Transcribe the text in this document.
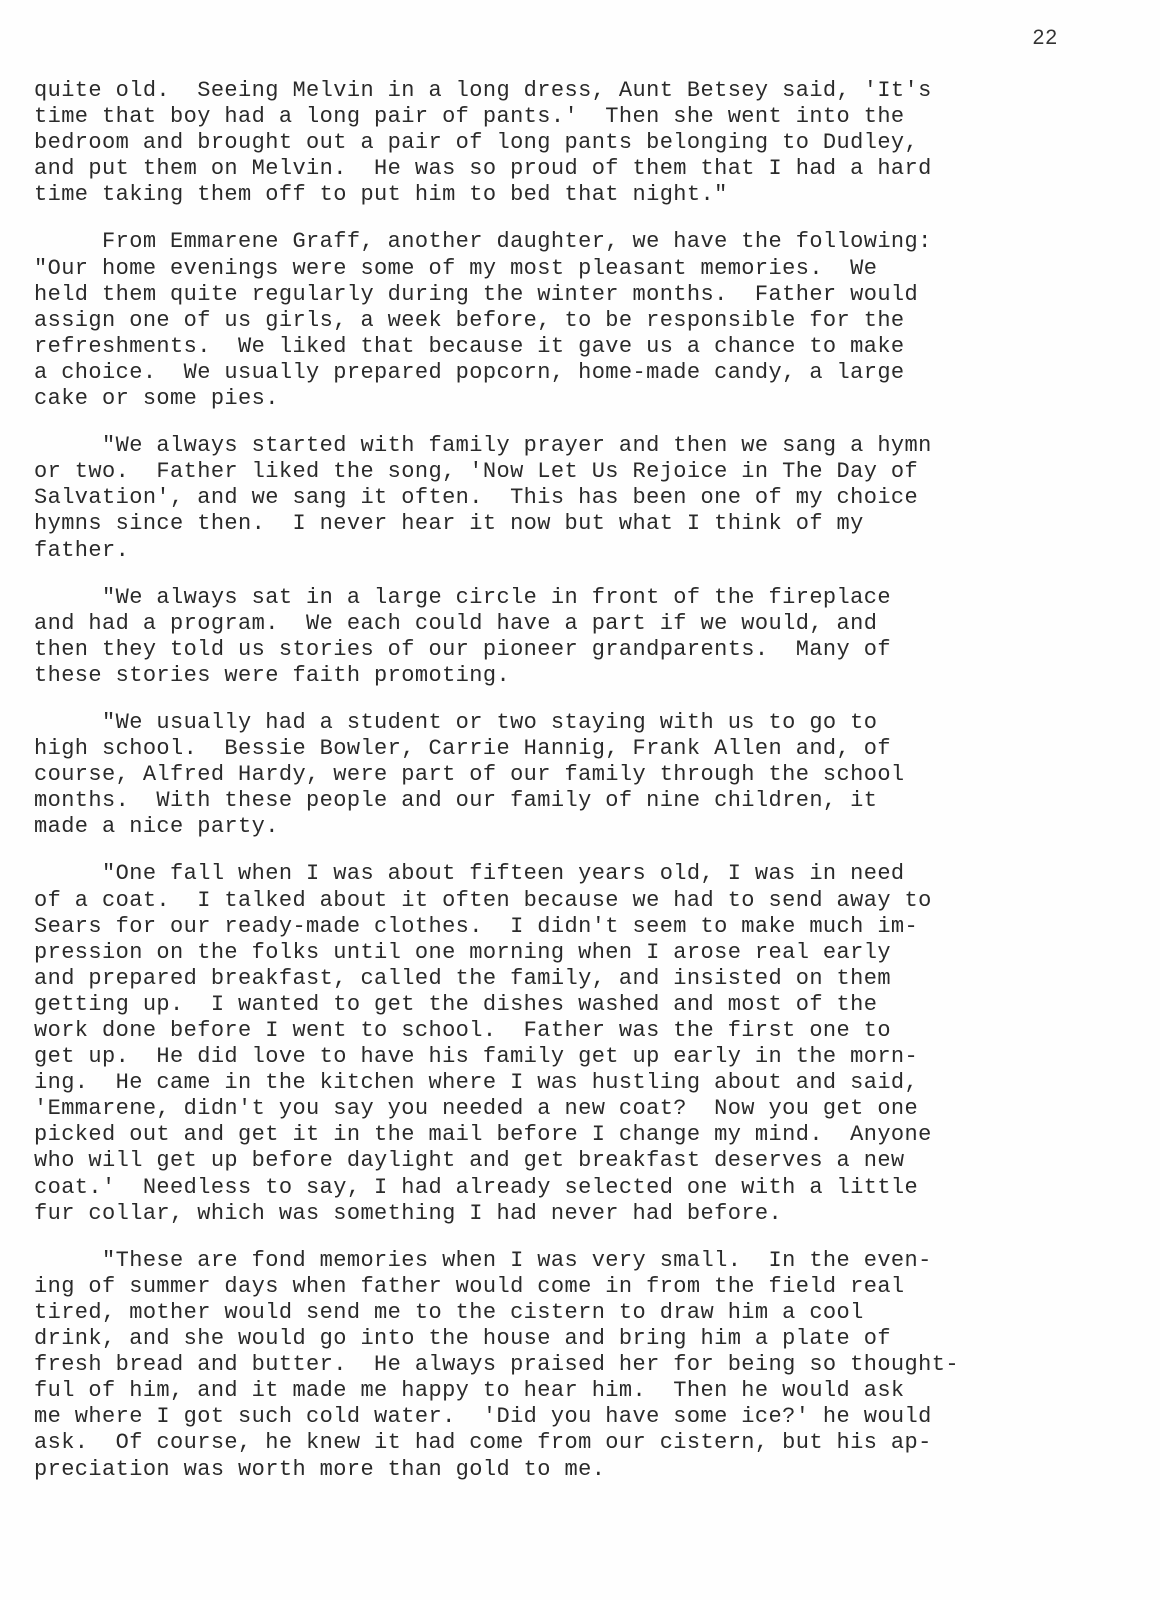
22
quite old.  Seeing Melvin in a long dress, Aunt Betsey said, 'It's
time that boy had a long pair of pants.'  Then she went into the
bedroom and brought out a pair of long pants belonging to Dudley,
and put them on Melvin.  He was so proud of them that I had a hard
time taking them off to put him to bed that night."
From Emmarene Graff, another daughter, we have the following:
"Our home evenings were some of my most pleasant memories.  We
held them quite regularly during the winter months.  Father would
assign one of us girls, a week before, to be responsible for the
refreshments.  We liked that because it gave us a chance to make
a choice.  We usually prepared popcorn, home-made candy, a large
cake or some pies.
"We always started with family prayer and then we sang a hymn
or two.  Father liked the song, 'Now Let Us Rejoice in The Day of
Salvation', and we sang it often.  This has been one of my choice
hymns since then.  I never hear it now but what I think of my
father.
"We always sat in a large circle in front of the fireplace
and had a program.  We each could have a part if we would, and
then they told us stories of our pioneer grandparents.  Many of
these stories were faith promoting.
"We usually had a student or two staying with us to go to
high school.  Bessie Bowler, Carrie Hannig, Frank Allen and, of
course, Alfred Hardy, were part of our family through the school
months.  With these people and our family of nine children, it
made a nice party.
"One fall when I was about fifteen years old, I was in need
of a coat.  I talked about it often because we had to send away to
Sears for our ready-made clothes.  I didn't seem to make much im-
pression on the folks until one morning when I arose real early
and prepared breakfast, called the family, and insisted on them
getting up.  I wanted to get the dishes washed and most of the
work done before I went to school.  Father was the first one to
get up.  He did love to have his family get up early in the morn-
ing.  He came in the kitchen where I was hustling about and said,
'Emmarene, didn't you say you needed a new coat?  Now you get one
picked out and get it in the mail before I change my mind.  Anyone
who will get up before daylight and get breakfast deserves a new
coat.'  Needless to say, I had already selected one with a little
fur collar, which was something I had never had before.
"These are fond memories when I was very small.  In the even-
ing of summer days when father would come in from the field real
tired, mother would send me to the cistern to draw him a cool
drink, and she would go into the house and bring him a plate of
fresh bread and butter.  He always praised her for being so thought-
ful of him, and it made me happy to hear him.  Then he would ask
me where I got such cold water.  'Did you have some ice?' he would
ask.  Of course, he knew it had come from our cistern, but his ap-
preciation was worth more than gold to me.
